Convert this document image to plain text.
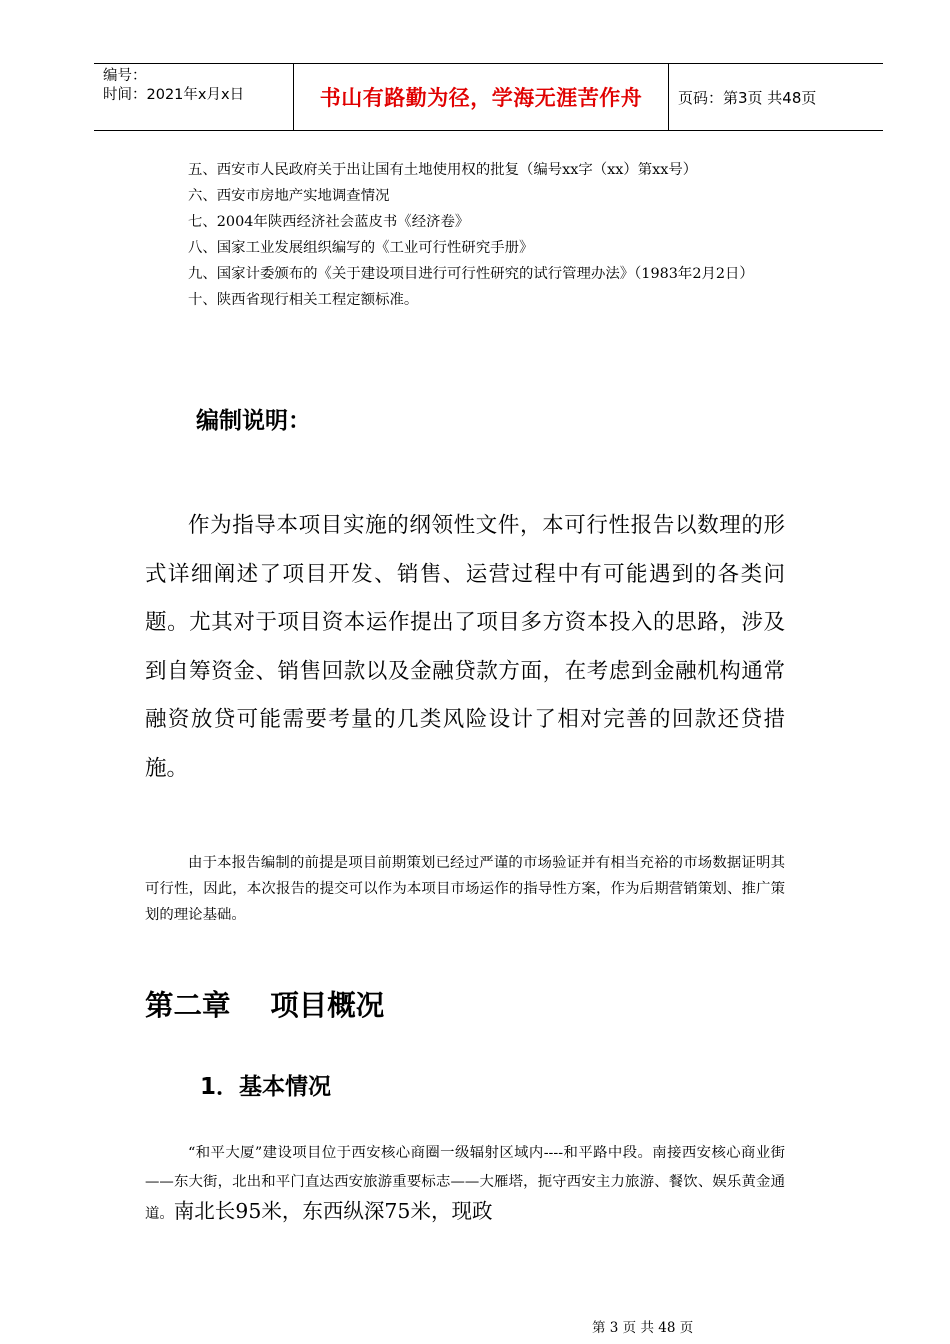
编号：
时间：2021年x月x日	书山有路勤为径，学海无涯苦作舟	页码：第3页 共48页
五、西安市人民政府关于出让国有土地使用权的批复（编号xx字（xx）第xx号）
六、西安市房地产实地调查情况
七、2004年陕西经济社会蓝皮书《经济卷》
八、国家工业发展组织编写的《工业可行性研究手册》
九、国家计委颁布的《关于建设项目进行可行性研究的试行管理办法》（1983年2月2日）
十、陕西省现行相关工程定额标准。
编制说明：

作为指导本项目实施的纲领性文件，本可行性报告以数理的形式详细阐述了项目开发、销售、运营过程中有可能遇到的各类问题。尤其对于项目资本运作提出了项目多方资本投入的思路，涉及到自筹资金、销售回款以及金融贷款方面，在考虑到金融机构通常融资放贷可能需要考量的几类风险设计了相对完善的回款还贷措施。

由于本报告编制的前提是项目前期策划已经过严谨的市场验证并有相当充裕的市场数据证明其可行性，因此，本次报告的提交可以作为本项目市场运作的指导性方案，作为后期营销策划、推广策划的理论基础。

第二章    项目概况
1．基本情况

“和平大厦”建设项目位于西安核心商圈一级辐射区域内----和平路中段。南接西安核心商业街——东大街，北出和平门直达西安旅游重要标志——大雁塔，扼守西安主力旅游、餐饮、娱乐黄金通道。南北长95米，东西纵深75米，现政

第 3 页 共 48 页
